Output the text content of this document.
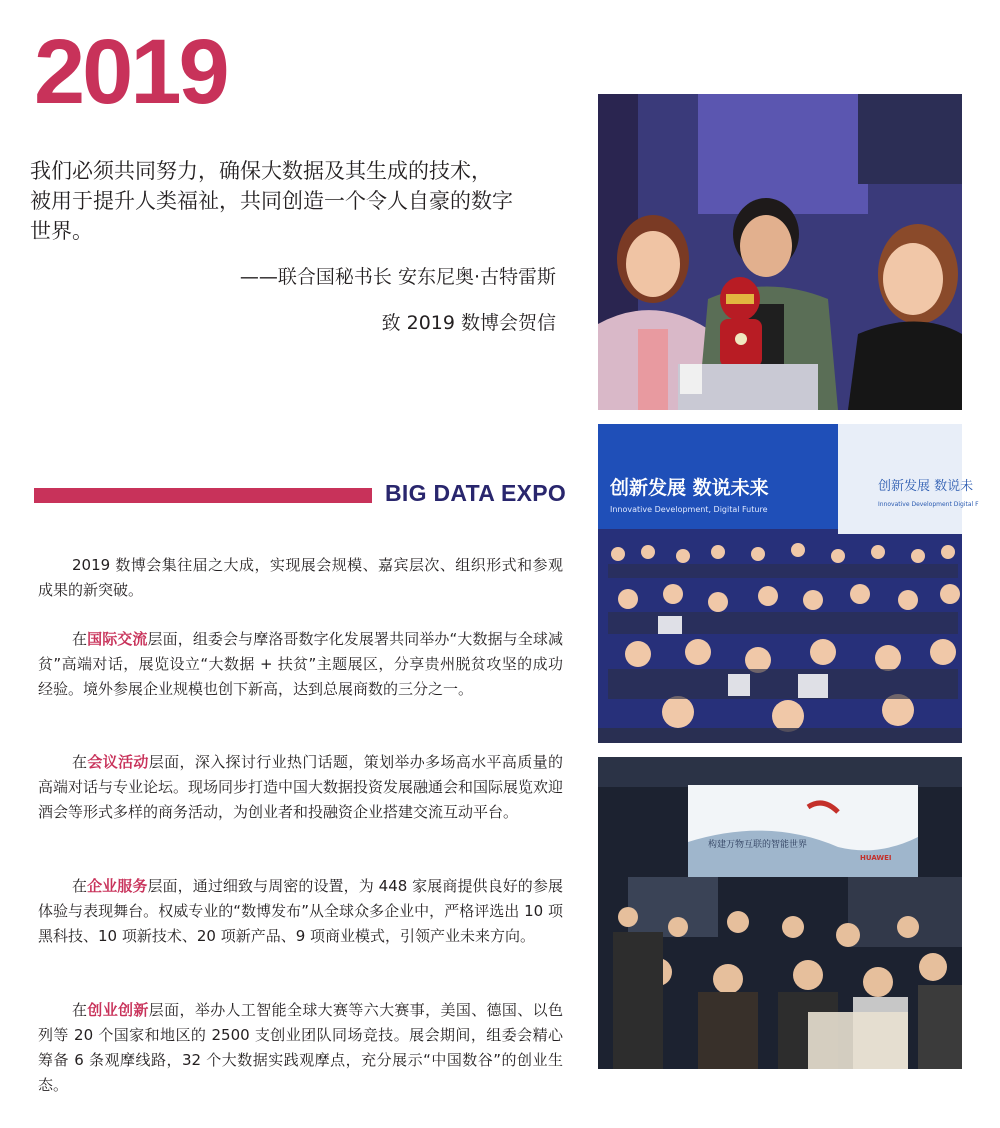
2019

我们必须共同努力，确保大数据及其生成的技术，

被用于提升人类福祉，共同创造一个令人自豪的数字

世界。

——联合国秘书长 安东尼奥·古特雷斯
致 2019 数博会贺信
BIG DATA EXPO

2019 数博会集往届之大成，实现展会规模、嘉宾层次、组织形式和参观成果的新突破。

在国际交流层面，组委会与摩洛哥数字化发展署共同举办“大数据与全球减贫”高端对话，展览设立“大数据 + 扶贫”主题展区，分享贵州脱贫攻坚的成功经验。境外参展企业规模也创下新高，达到总展商数的三分之一。

在会议活动层面，深入探讨行业热门话题，策划举办多场高水平高质量的高端对话与专业论坛。现场同步打造中国大数据投资发展融通会和国际展览欢迎酒会等形式多样的商务活动，为创业者和投融资企业搭建交流互动平台。

在企业服务层面，通过细致与周密的设置，为 448 家展商提供良好的参展体验与表现舞台。权威专业的“数博发布”从全球众多企业中，严格评选出 10 项黑科技、10 项新技术、20 项新产品、9 项商业模式，引领产业未来方向。

在创业创新层面，举办人工智能全球大赛等六大赛事，美国、德国、以色列等 20 个国家和地区的 2500 支创业团队同场竞技。展会期间，组委会精心筹备 6 条观摩线路，32 个大数据实践观摩点，充分展示“中国数谷”的创业生态。

创新发展 数说未来
Innovative Development, Digital Future
创新发展 数说未
Innovative Development Digital F
构建万物互联的智能世界
HUAWEI
